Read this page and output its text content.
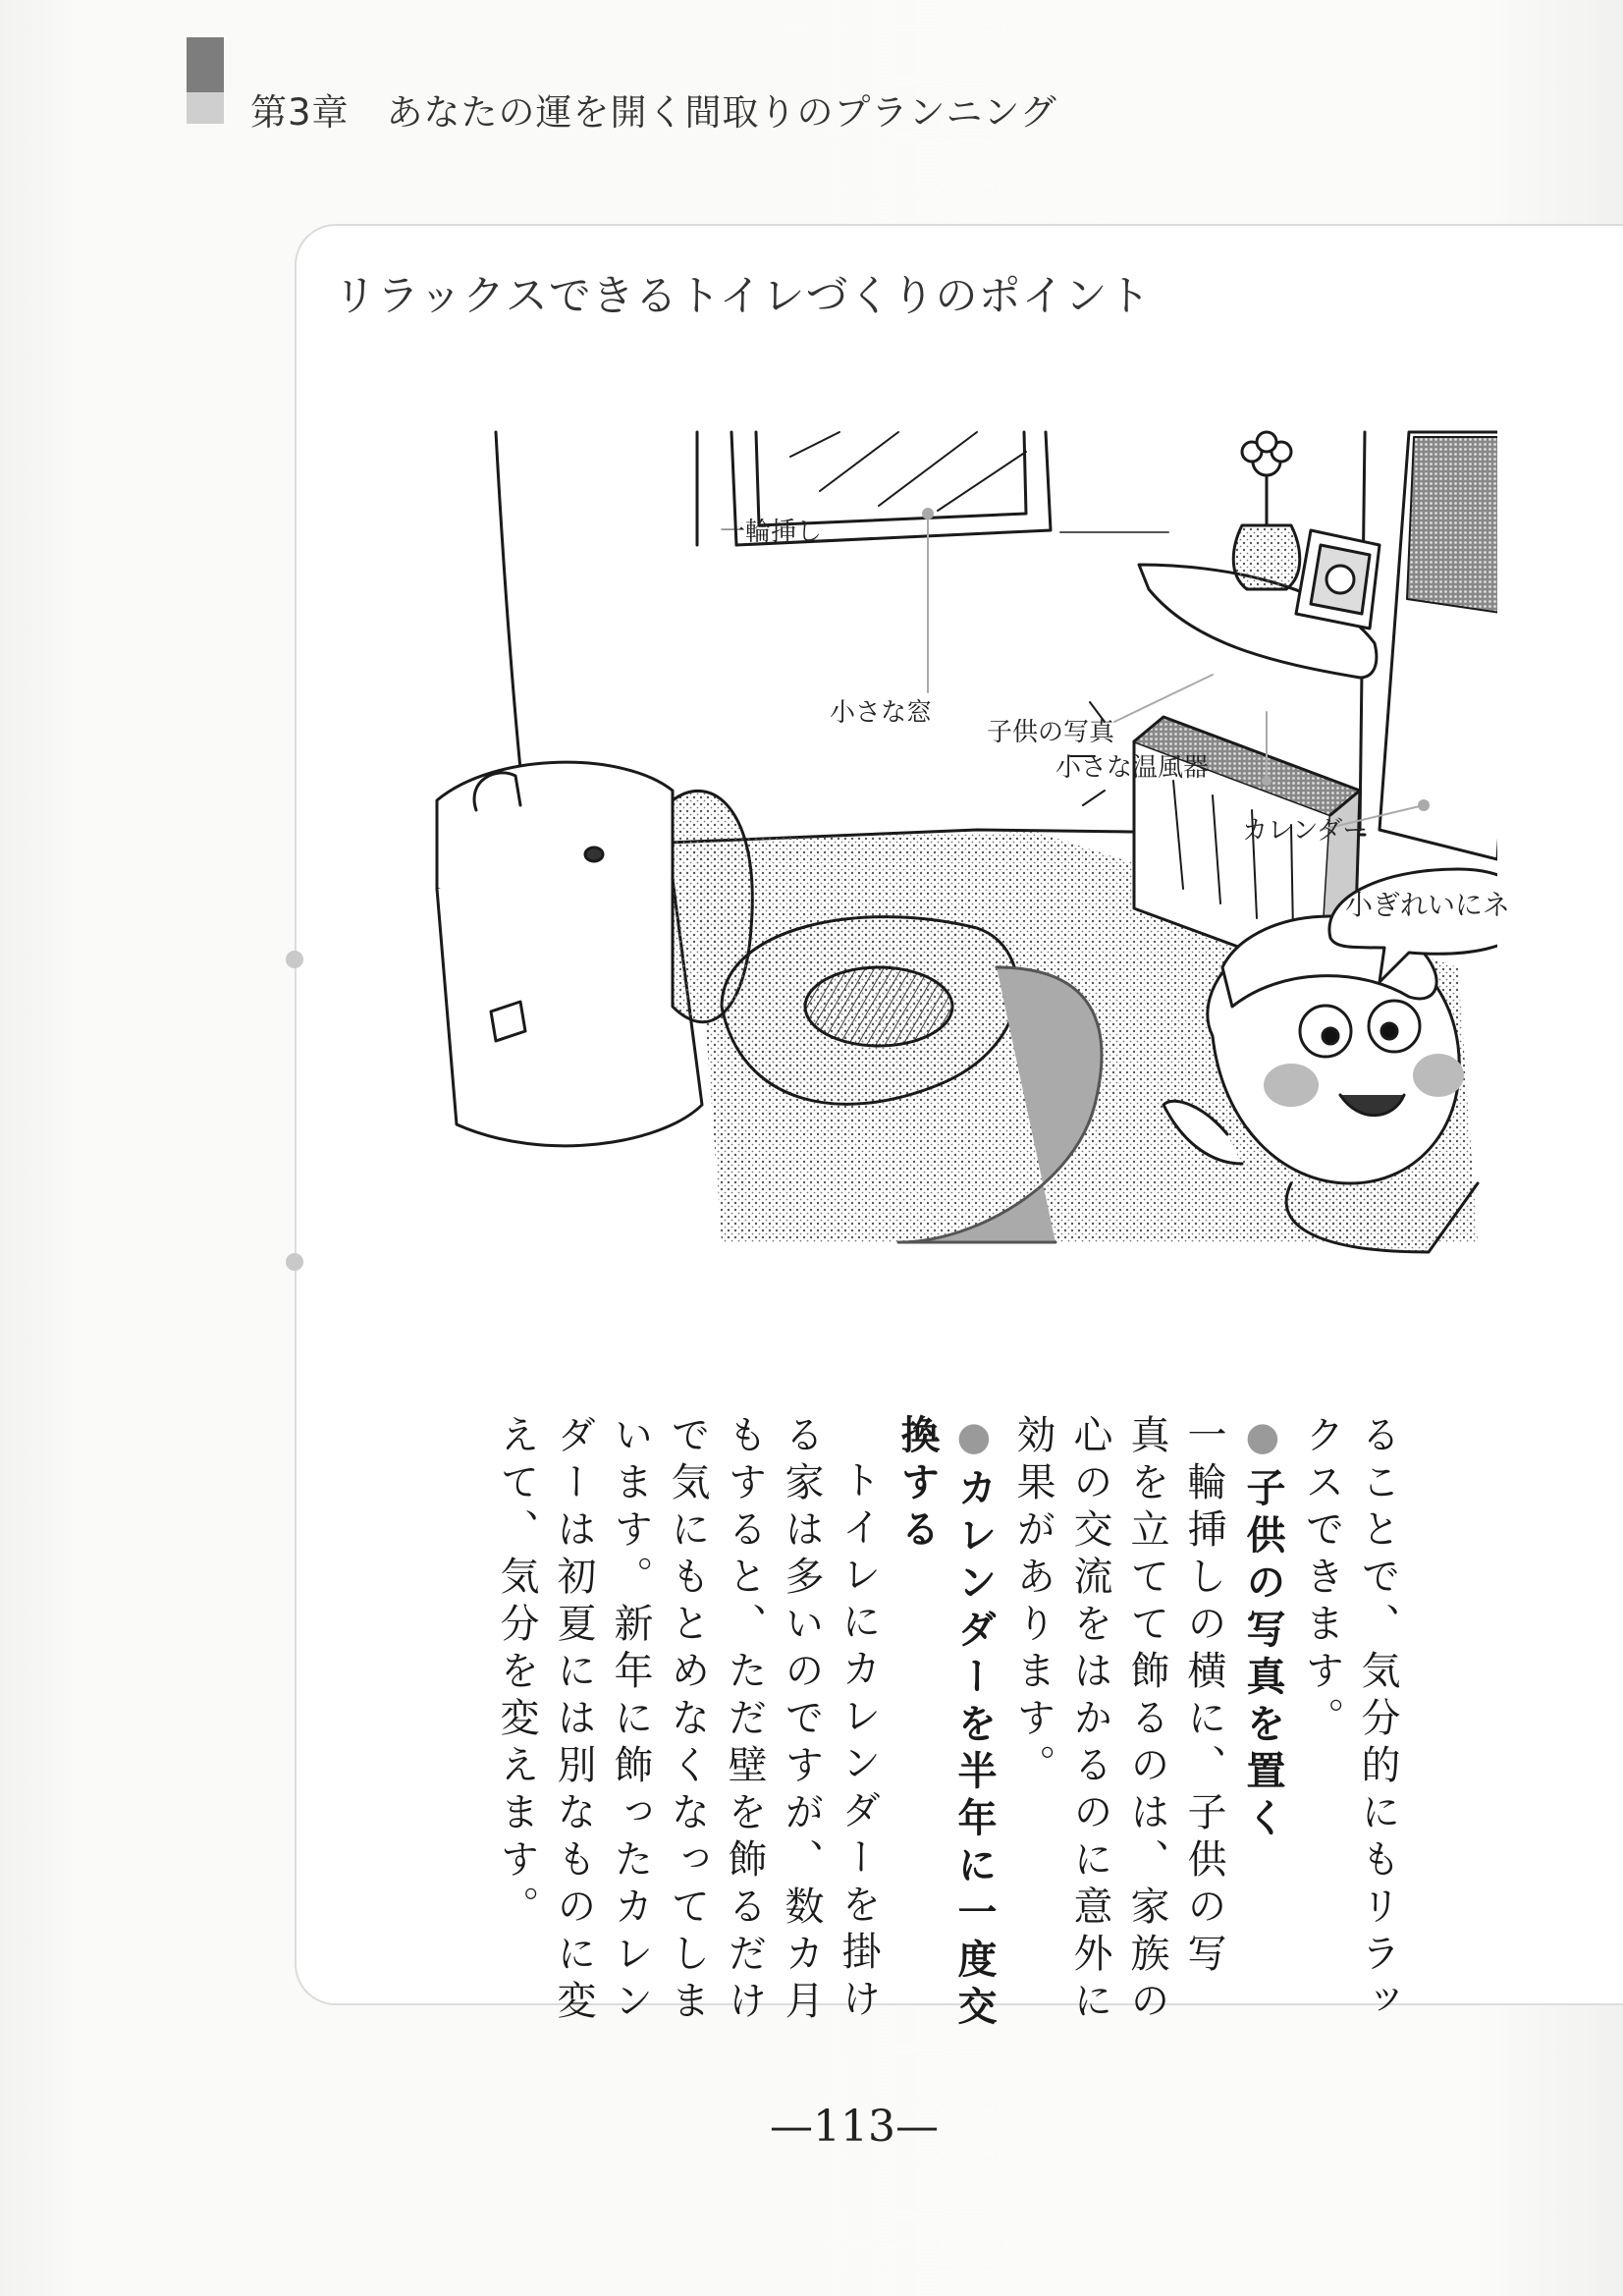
第3章　あなたの運を開く間取りのプランニング
リラックスできるトイレづくりのポイント
一輪挿し
小さな窓
子供の写真
小さな温風器
カレンダー
小ぎれいにネ
ることで、気分的にもリラッ
クスできます。
●子供の写真を置く
一輪挿しの横に、子供の写
真を立てて飾るのは、家族の
心の交流をはかるのに意外に
効果があります。
●カレンダーを半年に一度交
換する
トイレにカレンダーを掛け
る家は多いのですが、数カ月
もすると、ただ壁を飾るだけ
で気にもとめなくなってしま
います。新年に飾ったカレン
ダーは初夏には別なものに変
えて、気分を変えます。
—113—
